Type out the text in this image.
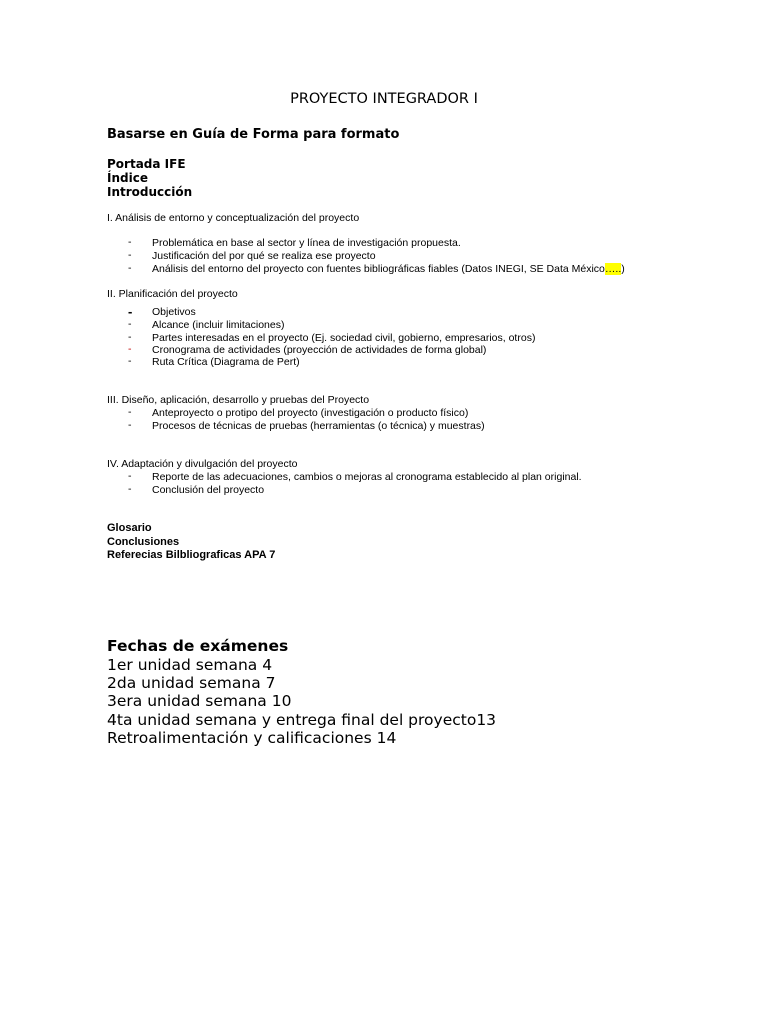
PROYECTO INTEGRADOR I
Basarse en Guía de Forma para formato
Portada IFE
Índice
Introducción
I. Análisis de entorno y conceptualización del proyecto
- Problemática en base al sector y línea de investigación propuesta.
- Justificación del por qué se realiza ese proyecto
- Análisis del entorno del proyecto con fuentes bibliográficas fiables (Datos INEGI, SE Data México…..)
II. Planificación del proyecto
- Objetivos
- Alcance (incluir limitaciones)
- Partes interesadas en el proyecto (Ej. sociedad civil, gobierno, empresarios, otros)
- Cronograma de actividades (proyección de actividades de forma global)
- Ruta Crítica (Diagrama de Pert)
III. Diseño, aplicación, desarrollo y pruebas del Proyecto
- Anteproyecto o protipo del proyecto (investigación o producto físico)
- Procesos de técnicas de pruebas (herramientas (o técnica) y muestras)
IV. Adaptación y divulgación del proyecto
- Reporte de las adecuaciones, cambios o mejoras al cronograma establecido al plan original.
- Conclusión del proyecto
Glosario
Conclusiones
Referecias Bilbliograficas APA 7
Fechas de exámenes
1er unidad semana 4
2da unidad semana 7
3era unidad semana 10
4ta unidad semana y entrega final del proyecto13
Retroalimentación y calificaciones 14
